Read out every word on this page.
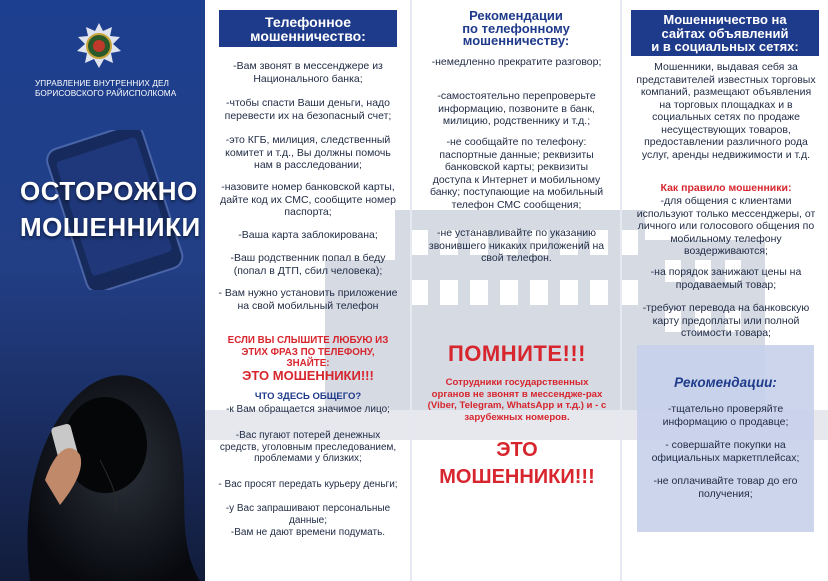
УПРАВЛЕНИЕ ВНУТРЕННИХ ДЕЛ
БОРИСОВСКОГО РАЙИСПОЛКОМА
ОСТОРОЖНО
МОШЕННИКИ
Телефонное
мошенничество:
-Вам звонят в мессенджере из Национального банка;
-чтобы спасти Ваши деньги, надо перевести их на безопасный счет;
-это КГБ, милиция, следственный комитет и т.д., Вы должны помочь нам в расследовании;
-назовите номер банковской карты, дайте код их СМС, сообщите номер паспорта;
-Ваша карта заблокирована;
-Ваш родственник попал в беду (попал в ДТП, сбил человека);
- Вам нужно установить приложение на свой мобильный телефон
ЕСЛИ ВЫ СЛЫШИТЕ ЛЮБУЮ ИЗ
ЭТИХ ФРАЗ ПО ТЕЛЕФОНУ,
ЗНАЙТЕ:
ЭТО МОШЕННИКИ!!!
ЧТО ЗДЕСЬ ОБЩЕГО?
-к Вам обращается значимое лицо;
-Вас пугают потерей денежных средств, уголовным преследованием, проблемами у близких;
- Вас просят передать курьеру деньги;
-у Вас запрашивают персональные данные;
-Вам не дают времени подумать.
Рекомендации
по телефонному
мошенничеству:
-немедленно прекратите разговор;
-самостоятельно перепроверьте информацию, позвоните в банк, милицию, родственнику и т.д.;
-не сообщайте по телефону: паспортные данные; реквизиты банковской карты; реквизиты доступа к Интернет и мобильному банку; поступающие на мобильный телефон СМС сообщения;
-не устанавливайте по указанию звонившего никаких приложений на свой телефон.
ПОМНИТЕ!!!
Сотрудники государственных органов не звонят в мессендже-рах (Viber, Telegram, WhatsApp и т.д.) и - с зарубежных номеров.
ЭТО
МОШЕННИКИ!!!
Мошенничество на
сайтах объявлений
и в социальных сетях:
Мошенники, выдавая себя за представителей известных торговых компаний, размещают объявления на торговых площадках и в социальных сетях по продаже несуществующих товаров, предоставлении различного рода услуг, аренды недвижимости и т.д.
Как правило мошенники:
-для общения с клиентами используют только мессенджеры, от личного или голосового общения по мобильному телефону воздерживаются;
-на порядок занижают цены на продаваемый товар;
-требуют перевода на банковскую карту предоплаты или полной стоимости товара;
Рекомендации:
-тщательно проверяйте информацию о продавце;
- совершайте покупки на официальных маркетплейсах;
-не оплачивайте товар до его получения;
